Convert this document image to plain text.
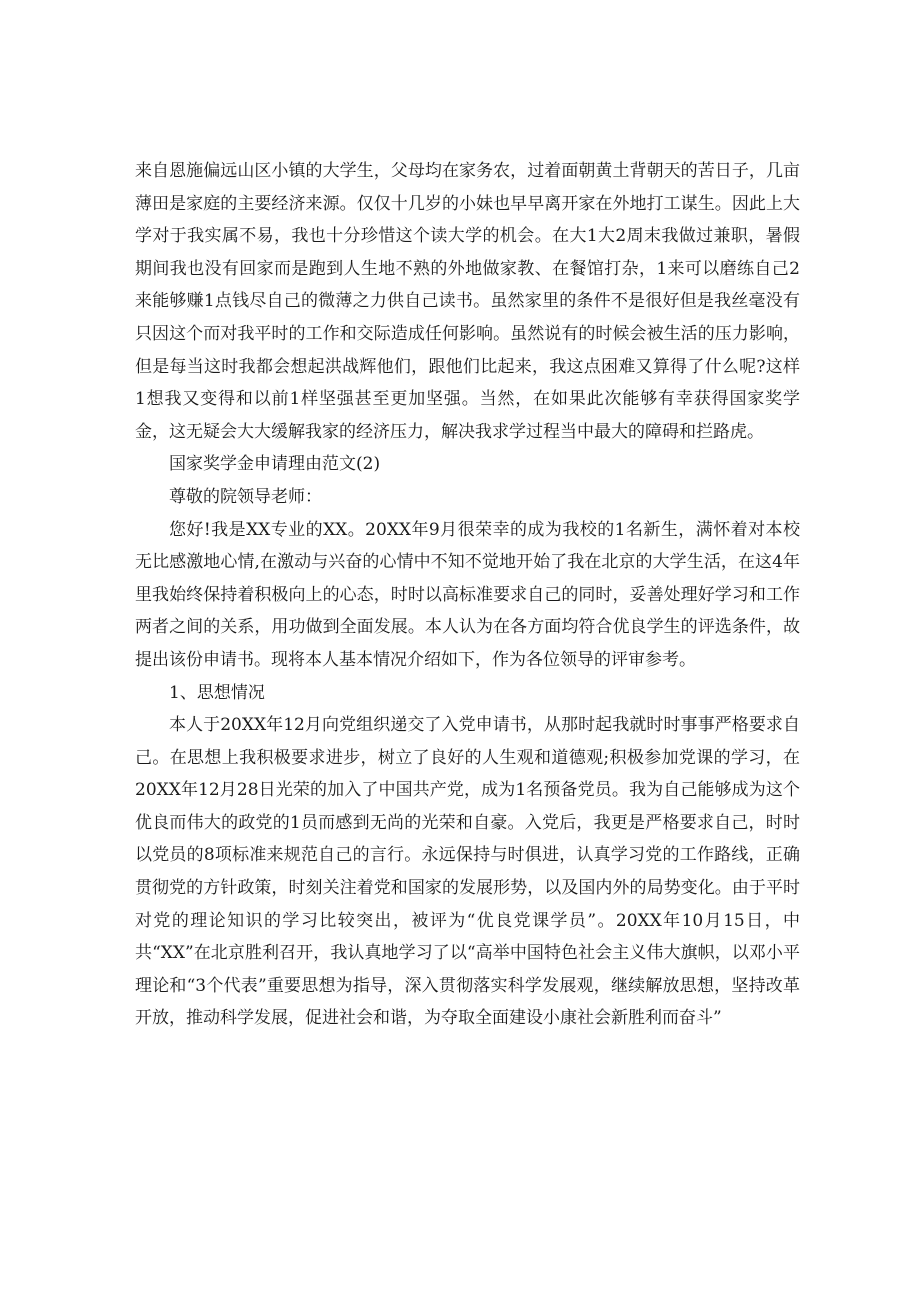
来自恩施偏远山区小镇的大学生，父母均在家务农，过着面朝黄土背朝天的苦日子，几亩薄田是家庭的主要经济来源。仅仅十几岁的小妹也早早离开家在外地打工谋生。因此上大学对于我实属不易，我也十分珍惜这个读大学的机会。在大1大2周末我做过兼职，暑假期间我也没有回家而是跑到人生地不熟的外地做家教、在餐馆打杂，1来可以磨练自己2来能够赚1点钱尽自己的微薄之力供自己读书。虽然家里的条件不是很好但是我丝毫没有只因这个而对我平时的工作和交际造成任何影响。虽然说有的时候会被生活的压力影响，但是每当这时我都会想起洪战辉他们，跟他们比起来，我这点困难又算得了什么呢?这样1想我又变得和以前1样坚强甚至更加坚强。当然，在如果此次能够有幸获得国家奖学金，这无疑会大大缓解我家的经济压力，解决我求学过程当中最大的障碍和拦路虎。

国家奖学金申请理由范文(2)

尊敬的院领导老师：

您好!我是XX专业的XX。20XX年9月很荣幸的成为我校的1名新生，满怀着对本校无比感激地心情,在激动与兴奋的心情中不知不觉地开始了我在北京的大学生活，在这4年里我始终保持着积极向上的心态，时时以高标准要求自己的同时，妥善处理好学习和工作两者之间的关系，用功做到全面发展。本人认为在各方面均符合优良学生的评选条件，故提出该份申请书。现将本人基本情况介绍如下，作为各位领导的评审参考。

1、思想情况

本人于20XX年12月向党组织递交了入党申请书，从那时起我就时时事事严格要求自己。在思想上我积极要求进步，树立了良好的人生观和道德观;积极参加党课的学习，在20XX年12月28日光荣的加入了中国共产党，成为1名预备党员。我为自己能够成为这个优良而伟大的政党的1员而感到无尚的光荣和自豪。入党后，我更是严格要求自己，时时以党员的8项标准来规范自己的言行。永远保持与时俱进，认真学习党的工作路线，正确贯彻党的方针政策，时刻关注着党和国家的发展形势，以及国内外的局势变化。由于平时对党的理论知识的学习比较突出，被评为“优良党课学员”。20XX年10月15日，中共“XX”在北京胜利召开，我认真地学习了以“高举中国特色社会主义伟大旗帜，以邓小平理论和“3个代表”重要思想为指导，深入贯彻落实科学发展观，继续解放思想，坚持改革开放，推动科学发展，促进社会和谐，为夺取全面建设小康社会新胜利而奋斗”
